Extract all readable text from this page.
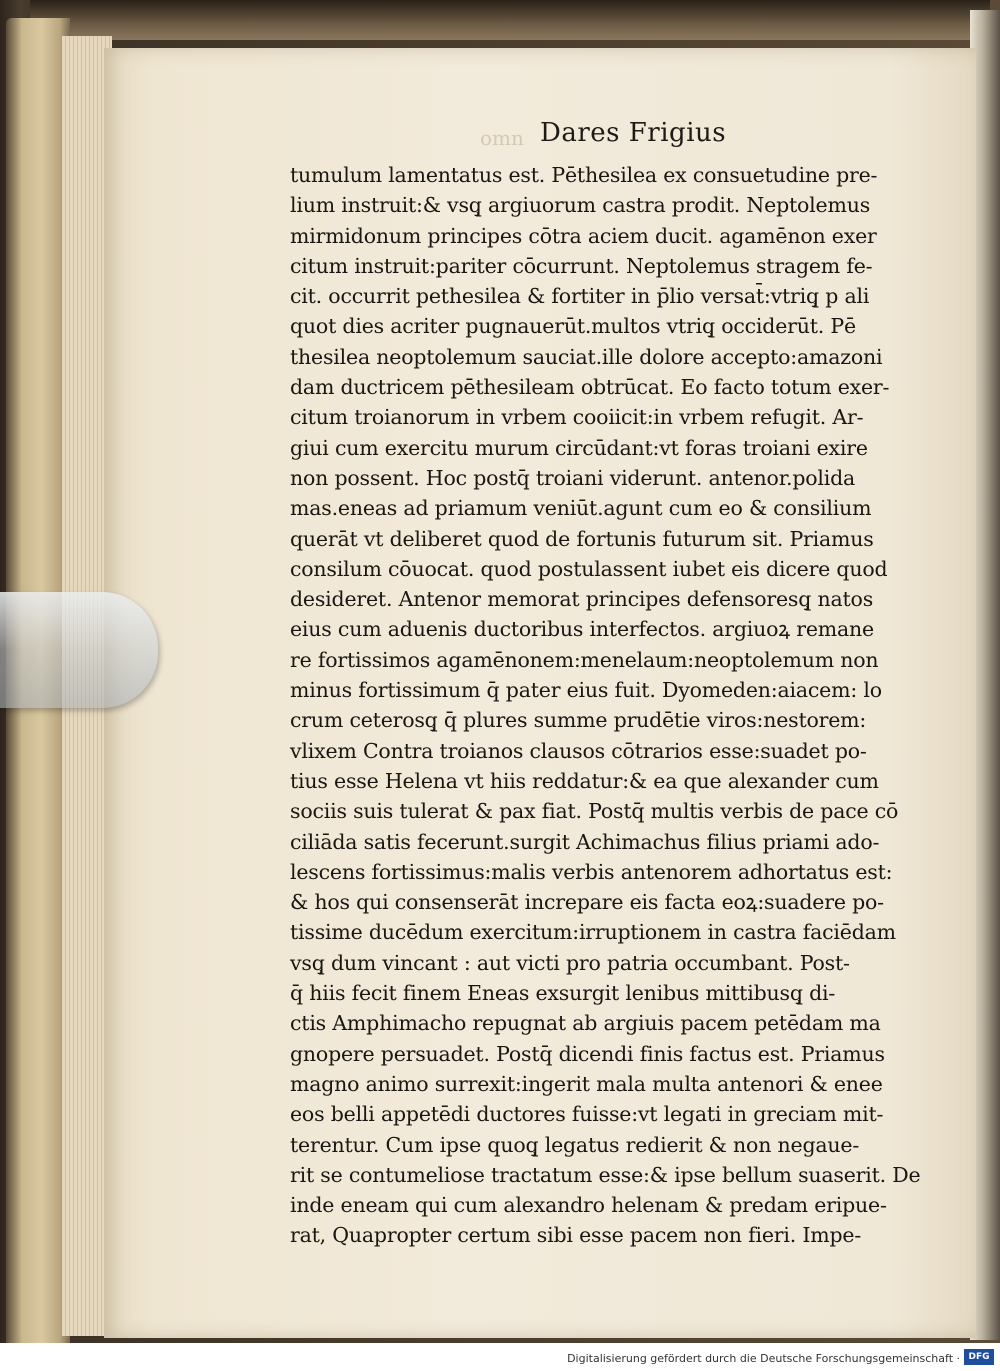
omn Dares Frigius
tumulum lamentatus est. Pēthesilea ex consuetudine pre-
lium instruit:& vsq̧ argiuorum castra prodit. Neptolemus
mirmidonum principes cōtra aciem ducit. agamēnon exer
citum instruit:pariter cōcurrunt. Neptolemus stragem fe-
cit. occurrit pethesilea & fortiter in p̄lio versat̄:vtriq̧ p ali
quot dies acriter pugnauerūt.multos vtriq̧ occiderūt. Pē
thesilea neoptolemum sauciat.ille dolore accepto:amazoni
dam ductricem pēthesileam obtrūcat. Eo facto totum exer-
citum troianorum in vrbem cooiicit:in vrbem refugit. Ar-
giui cum exercitu murum circūdant:vt foras troiani exire
non possent. Hoc postq̄ troiani viderunt. antenor.polida
mas.eneas ad priamum veniūt.agunt cum eo & consilium
querāt vt deliberet quod de fortunis futurum sit. Priamus
consilum cōuocat. quod postulassent iubet eis dicere quod
desideret. Antenor memorat principes defensoresq̧ natos
eius cum aduenis ductoribus interfectos. argiuoꝝ remane
re fortissimos agamēnonem:menelaum:neoptolemum non
minus fortissimum q̄ pater eius fuit. Dyomeden:aiacem: lo
crum ceterosq̧ q̄ plures summe prudētie viros:nestorem:
vlixem Contra troianos clausos cōtrarios esse:suadet po-
tius esse Helena vt hiis reddatur:& ea que alexander cum
sociis suis tulerat & pax fiat. Postq̄ multis verbis de pace cō
ciliāda satis fecerunt.surgit Achimachus filius priami ado-
lescens fortissimus:malis verbis antenorem adhortatus est:
& hos qui consenserāt increpare eis facta eoꝝ:suadere po-
tissime ducēdum exercitum:irruptionem in castra faciēdam
vsq̧ dum vincant : aut victi pro patria occumbant. Post-
q̄ hiis fecit finem Eneas exsurgit lenibus mittibusq̧ di-
ctis Amphimacho repugnat ab argiuis pacem petēdam ma
gnopere persuadet. Postq̄ dicendi finis factus est. Priamus
magno animo surrexit:ingerit mala multa antenori & enee
eos belli appetēdi ductores fuisse:vt legati in greciam mit-
terentur. Cum ipse quoq̧ legatus redierit & non negaue-
rit se contumeliose tractatum esse:& ipse bellum suaserit. De
inde eneam qui cum alexandro helenam & predam eripue-
rat, Quapropter certum sibi esse pacem non fieri. Impe-
Digitalisierung gefördert durch die Deutsche Forschungsgemeinschaft · DFG
